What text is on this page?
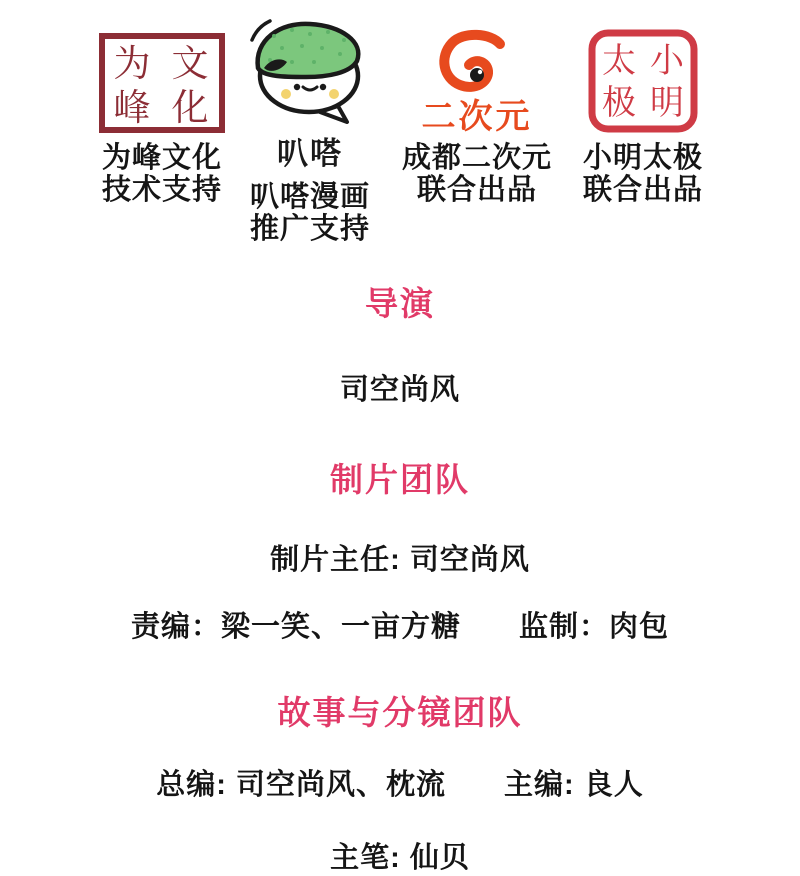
为
峰
文
化
为峰文化
技术支持
叭嗒
叭嗒漫画
推广支持
二次元
成都二次元
联合出品
太
极
小
明
小明太极
联合出品
导演
司空尚风
制片团队
制片主任: 司空尚风
责编：梁一笑、一亩方糖 监制：肉包
故事与分镜团队
总编: 司空尚风、枕流 主编: 良人
主笔: 仙贝
